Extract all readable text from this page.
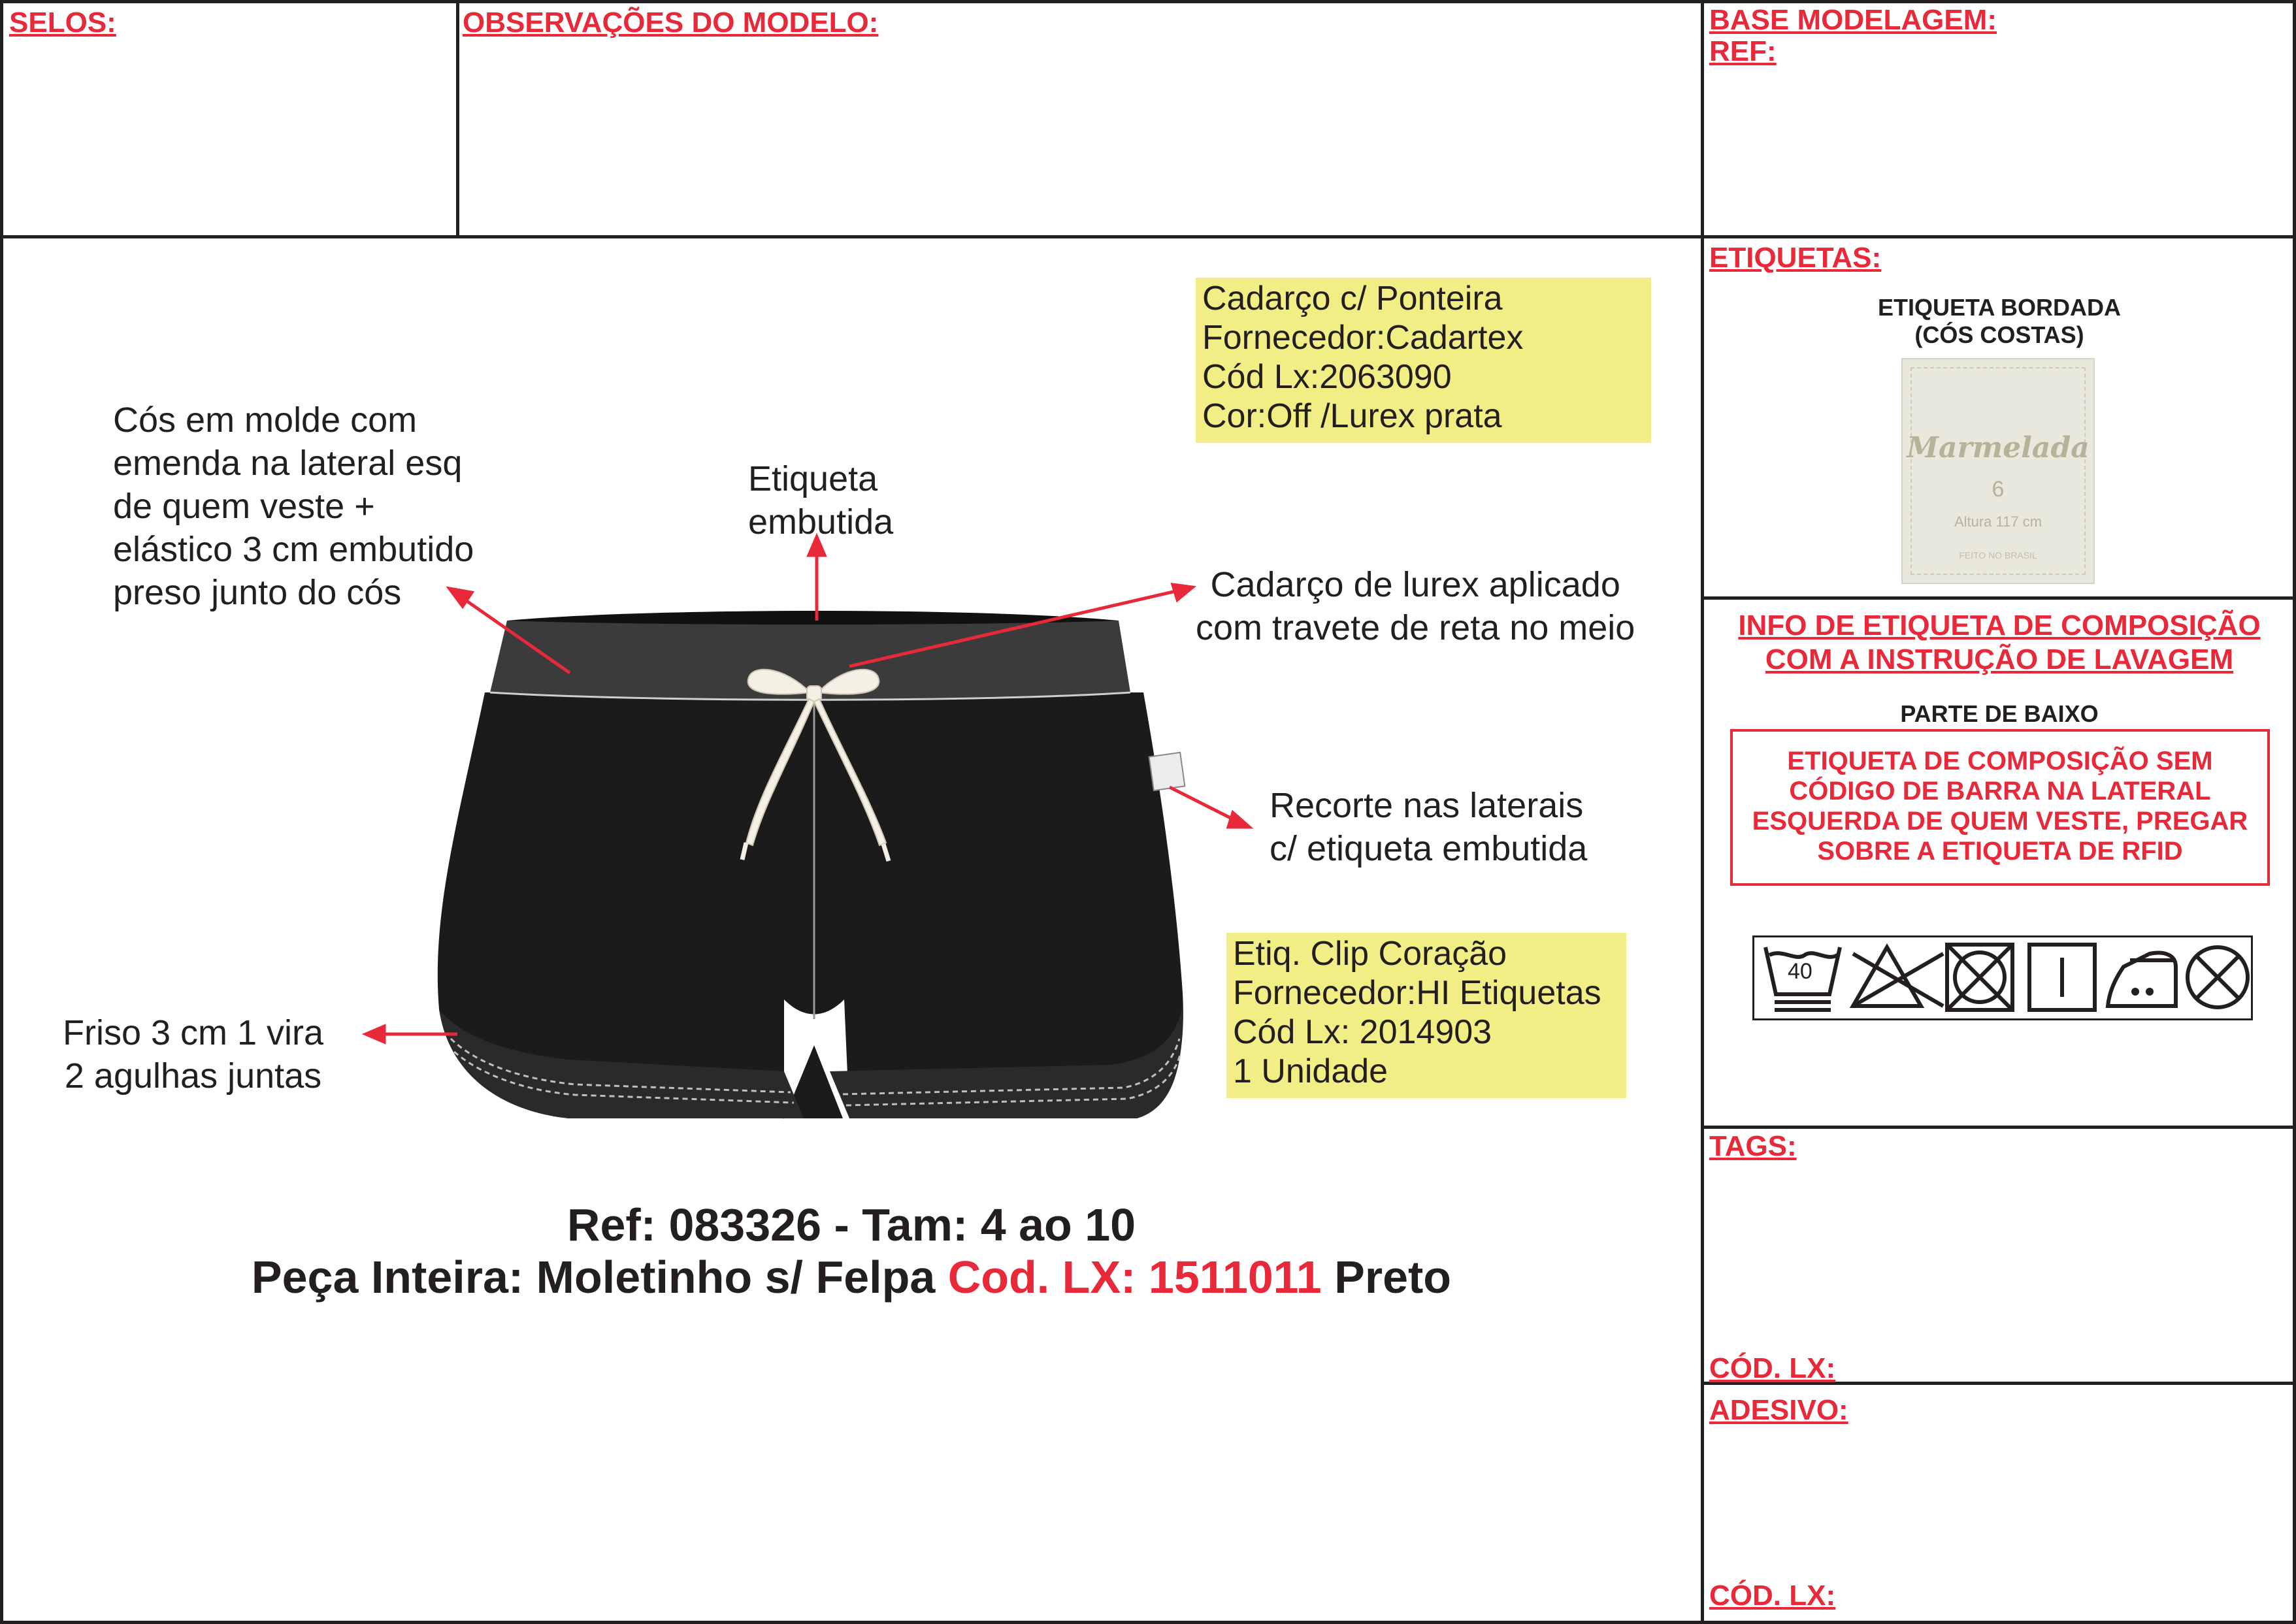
SELOS:	OBSERVAÇÕES DO MODELO:	BASE MODELAGEM:
REF:
Cós em molde com
emenda na lateral esq
de quem veste +
elástico 3 cm embutido
preso junto do cós
Etiqueta
embutida
Cadarço de lurex aplicado
com travete de reta no meio
Recorte nas laterais
c/ etiqueta embutida
Friso 3 cm 1 vira
2 agulhas juntas
Cadarço c/ Ponteira
Fornecedor:Cadartex
Cód Lx:2063090
Cor:Off /Lurex prata
Etiq. Clip Coração
Fornecedor:HI Etiquetas
Cód Lx: 2014903
1 Unidade
Ref: 083326 - Tam: 4 ao 10
Peça Inteira: Moletinho s/ Felpa Cod. LX: 1511011 Preto
ETIQUETAS:
ETIQUETA BORDADA
(CÓS COSTAS)
Marmelada
6
Altura 117 cm
FEITO NO BRASIL
INFO DE ETIQUETA DE COMPOSIÇÃO
COM A INSTRUÇÃO DE LAVAGEM
PARTE DE BAIXO
ETIQUETA DE COMPOSIÇÃO SEM
CÓDIGO DE BARRA NA LATERAL
ESQUERDA DE QUEM VESTE, PREGAR
SOBRE A ETIQUETA DE RFID
40
TAGS:
CÓD. LX:
ADESIVO:
CÓD. LX:
